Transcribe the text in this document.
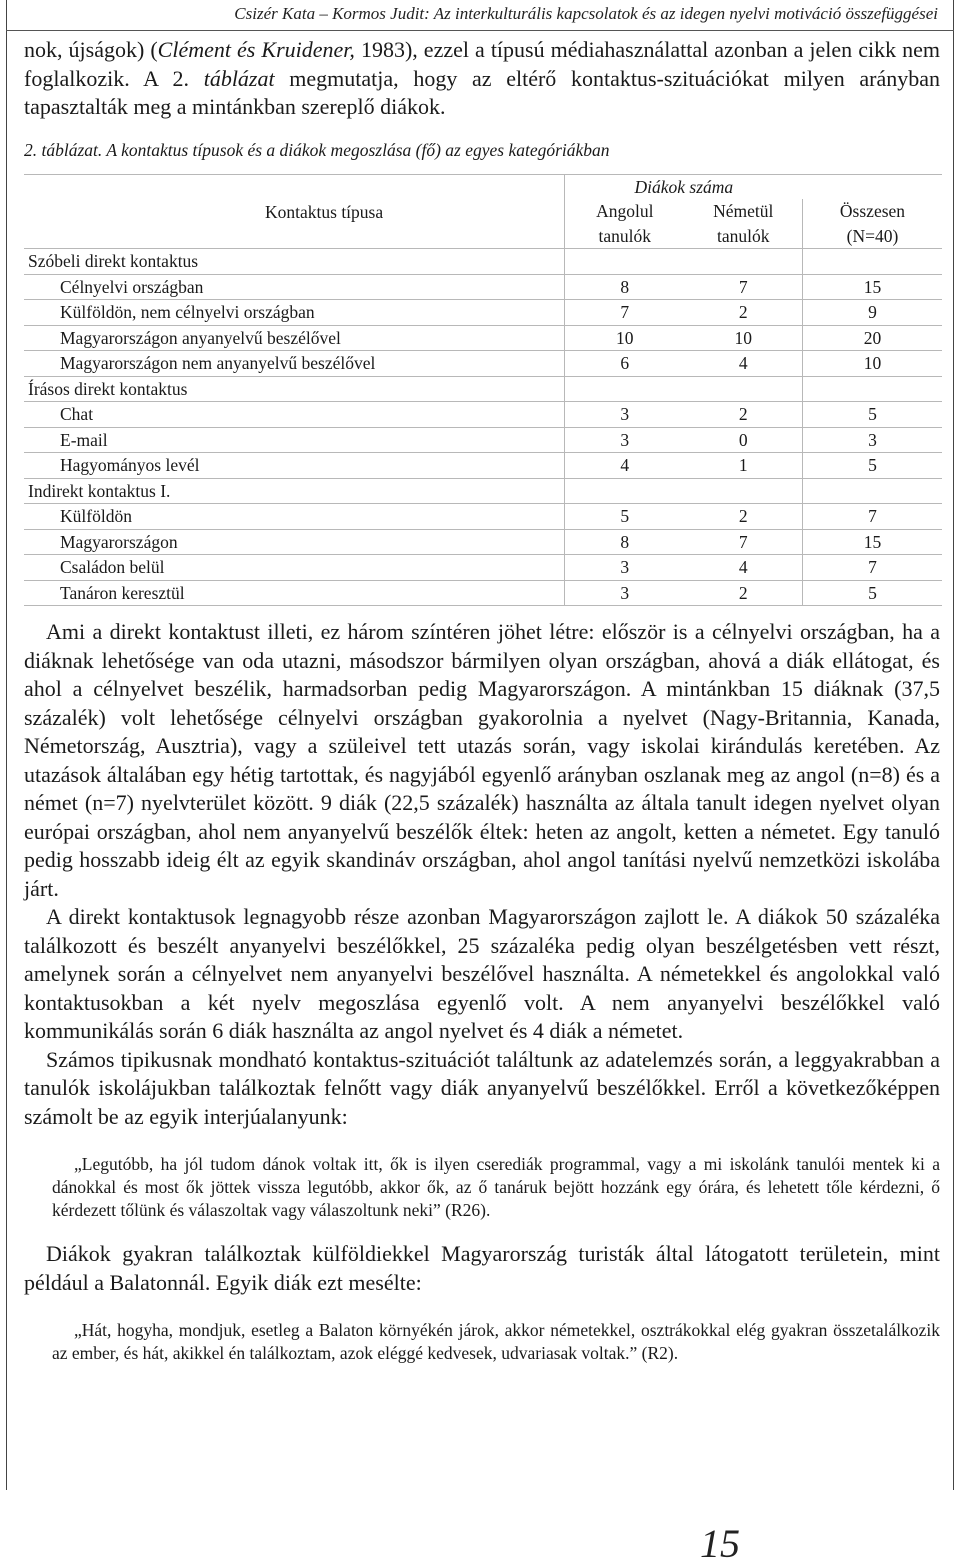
Csizér Kata – Kormos Judit: Az interkulturális kapcsolatok és az idegen nyelvi motiváció összefüggései

nok, újságok) (Clément és Kruidener, 1983), ezzel a típusú médiahasználattal azonban a jelen cikk nem foglalkozik. A 2. táblázat megmutatja, hogy az eltérő kontaktus-szituációkat milyen arányban tapasztalták meg a mintánkban szereplő diákok.

2. táblázat. A kontaktus típusok és a diákok megoszlása (fő) az egyes kategóriákban
	Diákok száma		
Kontaktus típusa	Angolul tanulók	Németül tanulók	Összesen (N=40)
Szóbeli direkt kontaktus			
Célnyelvi országban	8	7	15
Külföldön, nem célnyelvi országban	7	2	9
Magyarországon anyanyelvű beszélővel	10	10	20
Magyarországon nem anyanyelvű beszélővel	6	4	10
Írásos direkt kontaktus			
Chat	3	2	5
E-mail	3	0	3
Hagyományos levél	4	1	5
Indirekt kontaktus I.			
Külföldön	5	2	7
Magyarországon	8	7	15
Családon belül	3	4	7
Tanáron keresztül	3	2	5

Ami a direkt kontaktust illeti, ez három színtéren jöhet létre: először is a célnyelvi országban, ha a diáknak lehetősége van oda utazni, másodszor bármilyen olyan országban, ahová a diák ellátogat, és ahol a célnyelvet beszélik, harmadsorban pedig Magyarországon. A mintánkban 15 diáknak (37,5 százalék) volt lehetősége célnyelvi országban gyakorolnia a nyelvet (Nagy-Britannia, Kanada, Németország, Ausztria), vagy a szüleivel tett utazás során, vagy iskolai kirándulás keretében. Az utazások általában egy hétig tartottak, és nagyjából egyenlő arányban oszlanak meg az angol (n=8) és a német (n=7) nyelvterület között. 9 diák (22,5 százalék) használta az általa tanult idegen nyelvet olyan európai országban, ahol nem anyanyelvű beszélők éltek: heten az angolt, ketten a németet. Egy tanuló pedig hosszabb ideig élt az egyik skandináv országban, ahol angol tanítási nyelvű nemzetközi iskolába járt.

A direkt kontaktusok legnagyobb része azonban Magyarországon zajlott le. A diákok 50 százaléka találkozott és beszélt anyanyelvi beszélőkkel, 25 százaléka pedig olyan beszélgetésben vett részt, amelynek során a célnyelvet nem anyanyelvi beszélővel használta. A németekkel és angolokkal való kontaktusokban a két nyelv megoszlása egyenlő volt. A nem anyanyelvi beszélőkkel való kommunikálás során 6 diák használta az angol nyelvet és 4 diák a németet.

Számos tipikusnak mondható kontaktus-szituációt találtunk az adatelemzés során, a leggyakrabban a tanulók iskolájukban találkoztak felnőtt vagy diák anyanyelvű beszélőkkel. Erről a következőképpen számolt be az egyik interjúalanyunk:

„Legutóbb, ha jól tudom dánok voltak itt, ők is ilyen cserediák programmal, vagy a mi iskolánk tanulói mentek ki a dánokkal és most ők jöttek vissza legutóbb, akkor ők, az ő tanáruk bejött hozzánk egy órára, és lehetett tőle kérdezni, ő kérdezett tőlünk és válaszoltak vagy válaszoltunk neki” (R26).

Diákok gyakran találkoztak külföldiekkel Magyarország turisták által látogatott területein, mint például a Balatonnál. Egyik diák ezt mesélte:

„Hát, hogyha, mondjuk, esetleg a Balaton környékén járok, akkor németekkel, osztrákokkal elég gyakran összetalálkozik az ember, és hát, akikkel én találkoztam, azok eléggé kedvesek, udvariasak voltak.” (R2).

15
